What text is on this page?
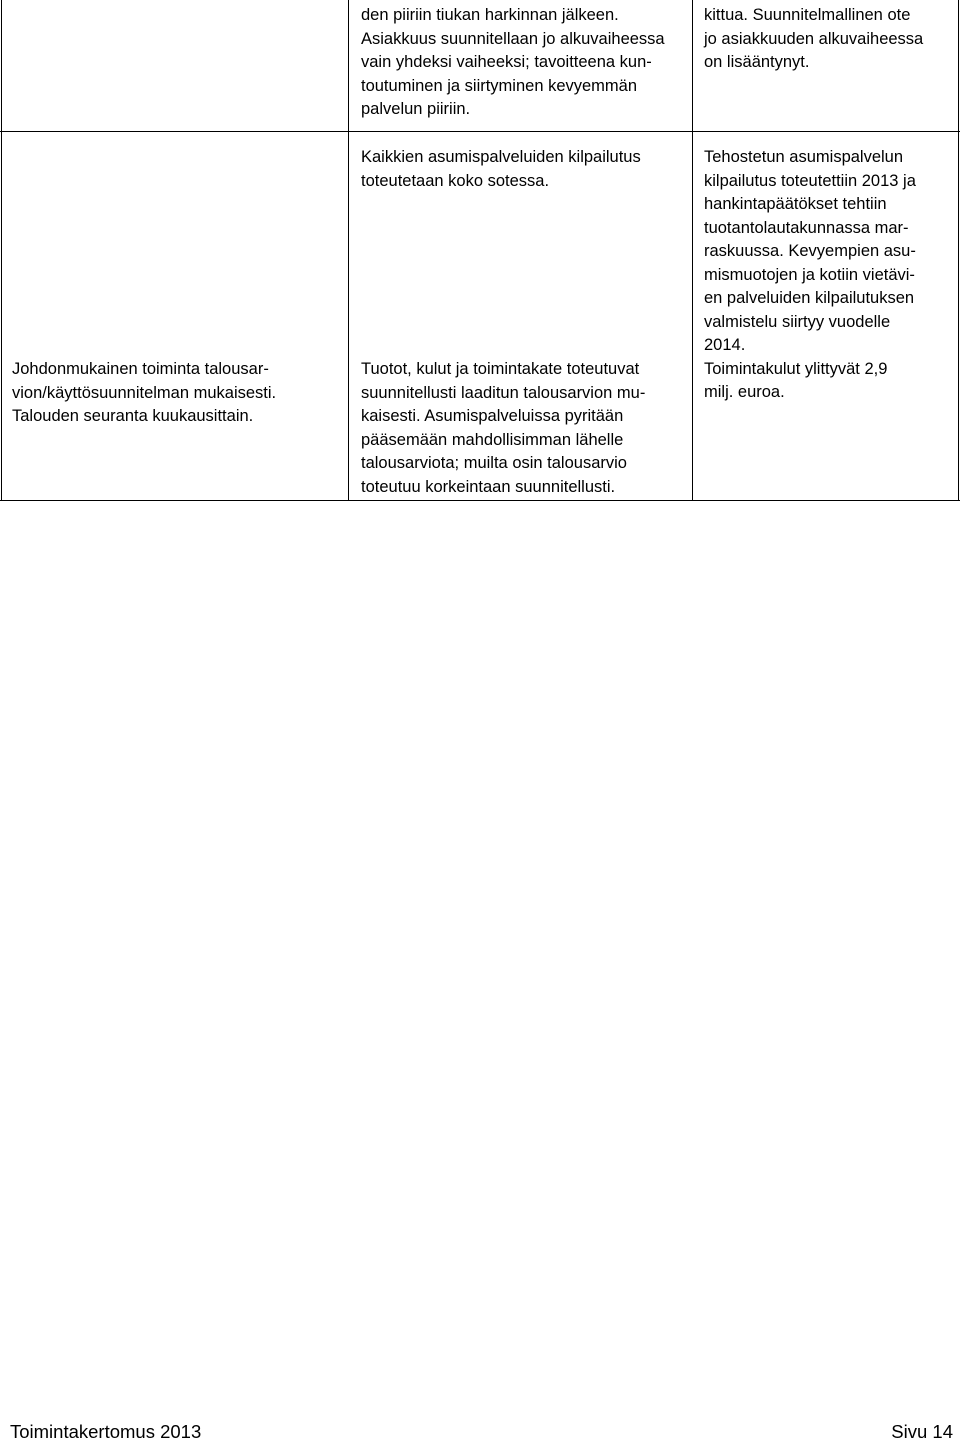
den piiriin tiukan harkinnan jälkeen.
Asiakkuus suunnitellaan jo alkuvaiheessa
vain yhdeksi vaiheeksi; tavoitteena kun-
toutuminen ja siirtyminen kevyemmän
palvelun piiriin.
kittua. Suunnitelmallinen ote
jo asiakkuuden alkuvaiheessa
on lisääntynyt.
Johdonmukainen toiminta talousar-
vion/käyttösuunnitelman mukaisesti.
Talouden seuranta kuukausittain.
Kaikkien asumispalveluiden kilpailutus
toteutetaan koko sotessa.
Tuotot, kulut ja toimintakate toteutuvat
suunnitellusti laaditun talousarvion mu-
kaisesti. Asumispalveluissa pyritään
pääsemään mahdollisimman lähelle
talousarviota; muilta osin talousarvio
toteutuu korkeintaan suunnitellusti.
Tehostetun asumispalvelun
kilpailutus toteutettiin 2013 ja
hankintapäätökset tehtiin
tuotantolautakunnassa mar-
raskuussa. Kevyempien asu-
mismuotojen ja kotiin vietävi-
en palveluiden kilpailutuksen
valmistelu siirtyy vuodelle
2014.
Toimintakulut ylittyvät 2,9
milj. euroa.
Toimintakertomus 2013	Sivu 14
